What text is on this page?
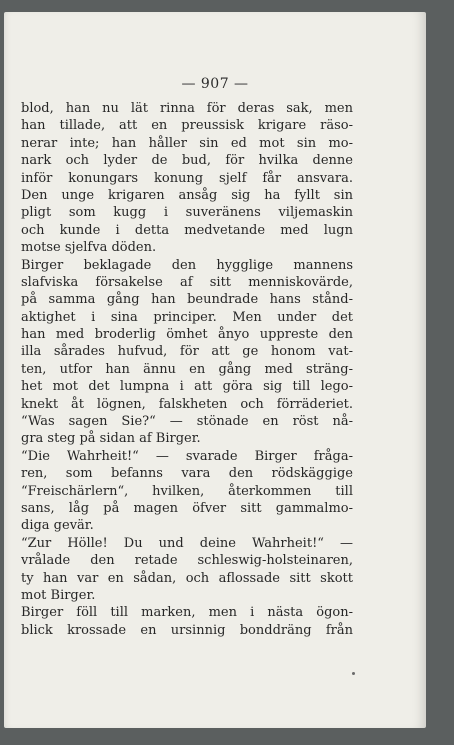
— 907 —
blod, han nu lät rinna för deras sak, men
han tillade, att en preussisk krigare räso-
nerar inte; han håller sin ed mot sin mo-
nark och lyder de bud, för hvilka denne
inför konungars konung sjelf får ansvara.
Den unge krigaren ansåg sig ha fyllt sin
pligt som kugg i suveränens viljemaskin
och kunde i detta medvetande med lugn
motse sjelfva döden.
Birger beklagade den hygglige mannens
slafviska försakelse af sitt menniskovärde,
på samma gång han beundrade hans stånd-
aktighet i sina principer. Men under det
han med broderlig ömhet ånyo uppreste den
illa sårades hufvud, för att ge honom vat-
ten, utfor han ännu en gång med sträng-
het mot det lumpna i att göra sig till lego-
knekt åt lögnen, falskheten och förräderiet.
“Was sagen Sie?“ — stönade en röst nå-
gra steg på sidan af Birger.
“Die Wahrheit!“ — svarade Birger fråga-
ren, som befanns vara den rödskäggige
“Freischärlern“, hvilken, återkommen till
sans, låg på magen öfver sitt gammalmo-
diga gevär.
“Zur Hölle! Du und deine Wahrheit!“ —
vrålade den retade schleswig-holsteinaren,
ty han var en sådan, och aflossade sitt skott
mot Birger.
Birger föll till marken, men i nästa ögon-
blick krossade en ursinnig bonddräng från
